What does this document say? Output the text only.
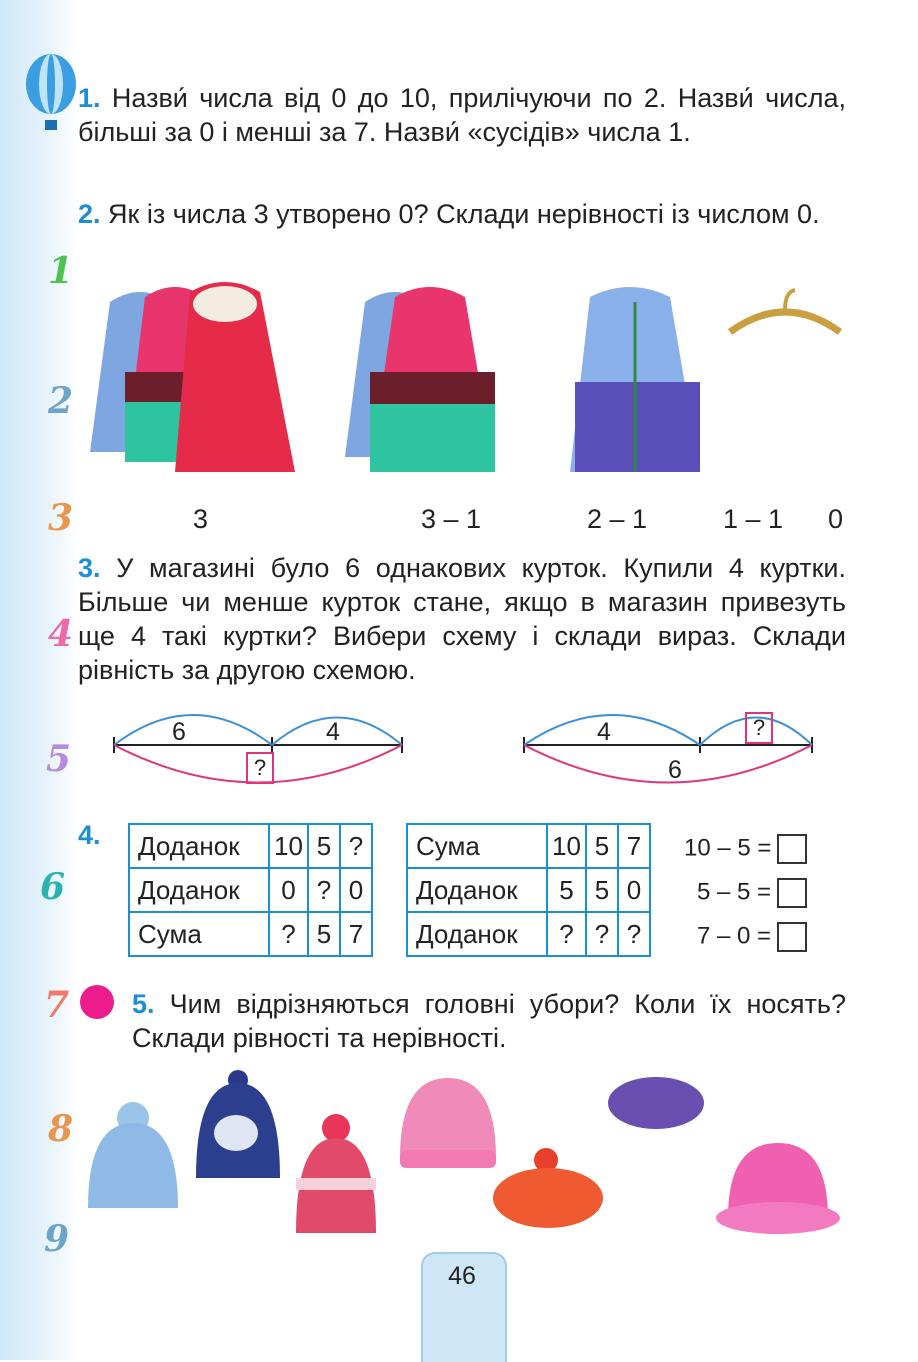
1
2
3
4
5
6
7
8
9
1. Назви́ числа від 0 до 10, прилічуючи по 2. Назви́ числа, більші за 0 і менші за 7. Назви́ «сусідів» числа 1.
2. Як із числа 3 утворено 0? Склади нерівності із числом 0.
3	3 – 1	2 – 1	1 – 1 0
3. У магазині було 6 однакових курток. Купили 4 куртки. Більше чи менше курток стане, якщо в магазин привезуть ще 4 такі куртки? Вибери схему і склади вираз. Склади рівність за другою схемою.
6	4
?
4	?
6
4.	Доданок	10	5	?
Доданок	0	?	0
Сума	?	5	7
Сума	10	5	7
Доданок	5	5	0
Доданок	?	?	?
10 – 5 =
5 – 5 =
7 – 0 =
5. Чим відрізняються головні убори? Коли їх носять? Склади рівності та нерівності.
46
